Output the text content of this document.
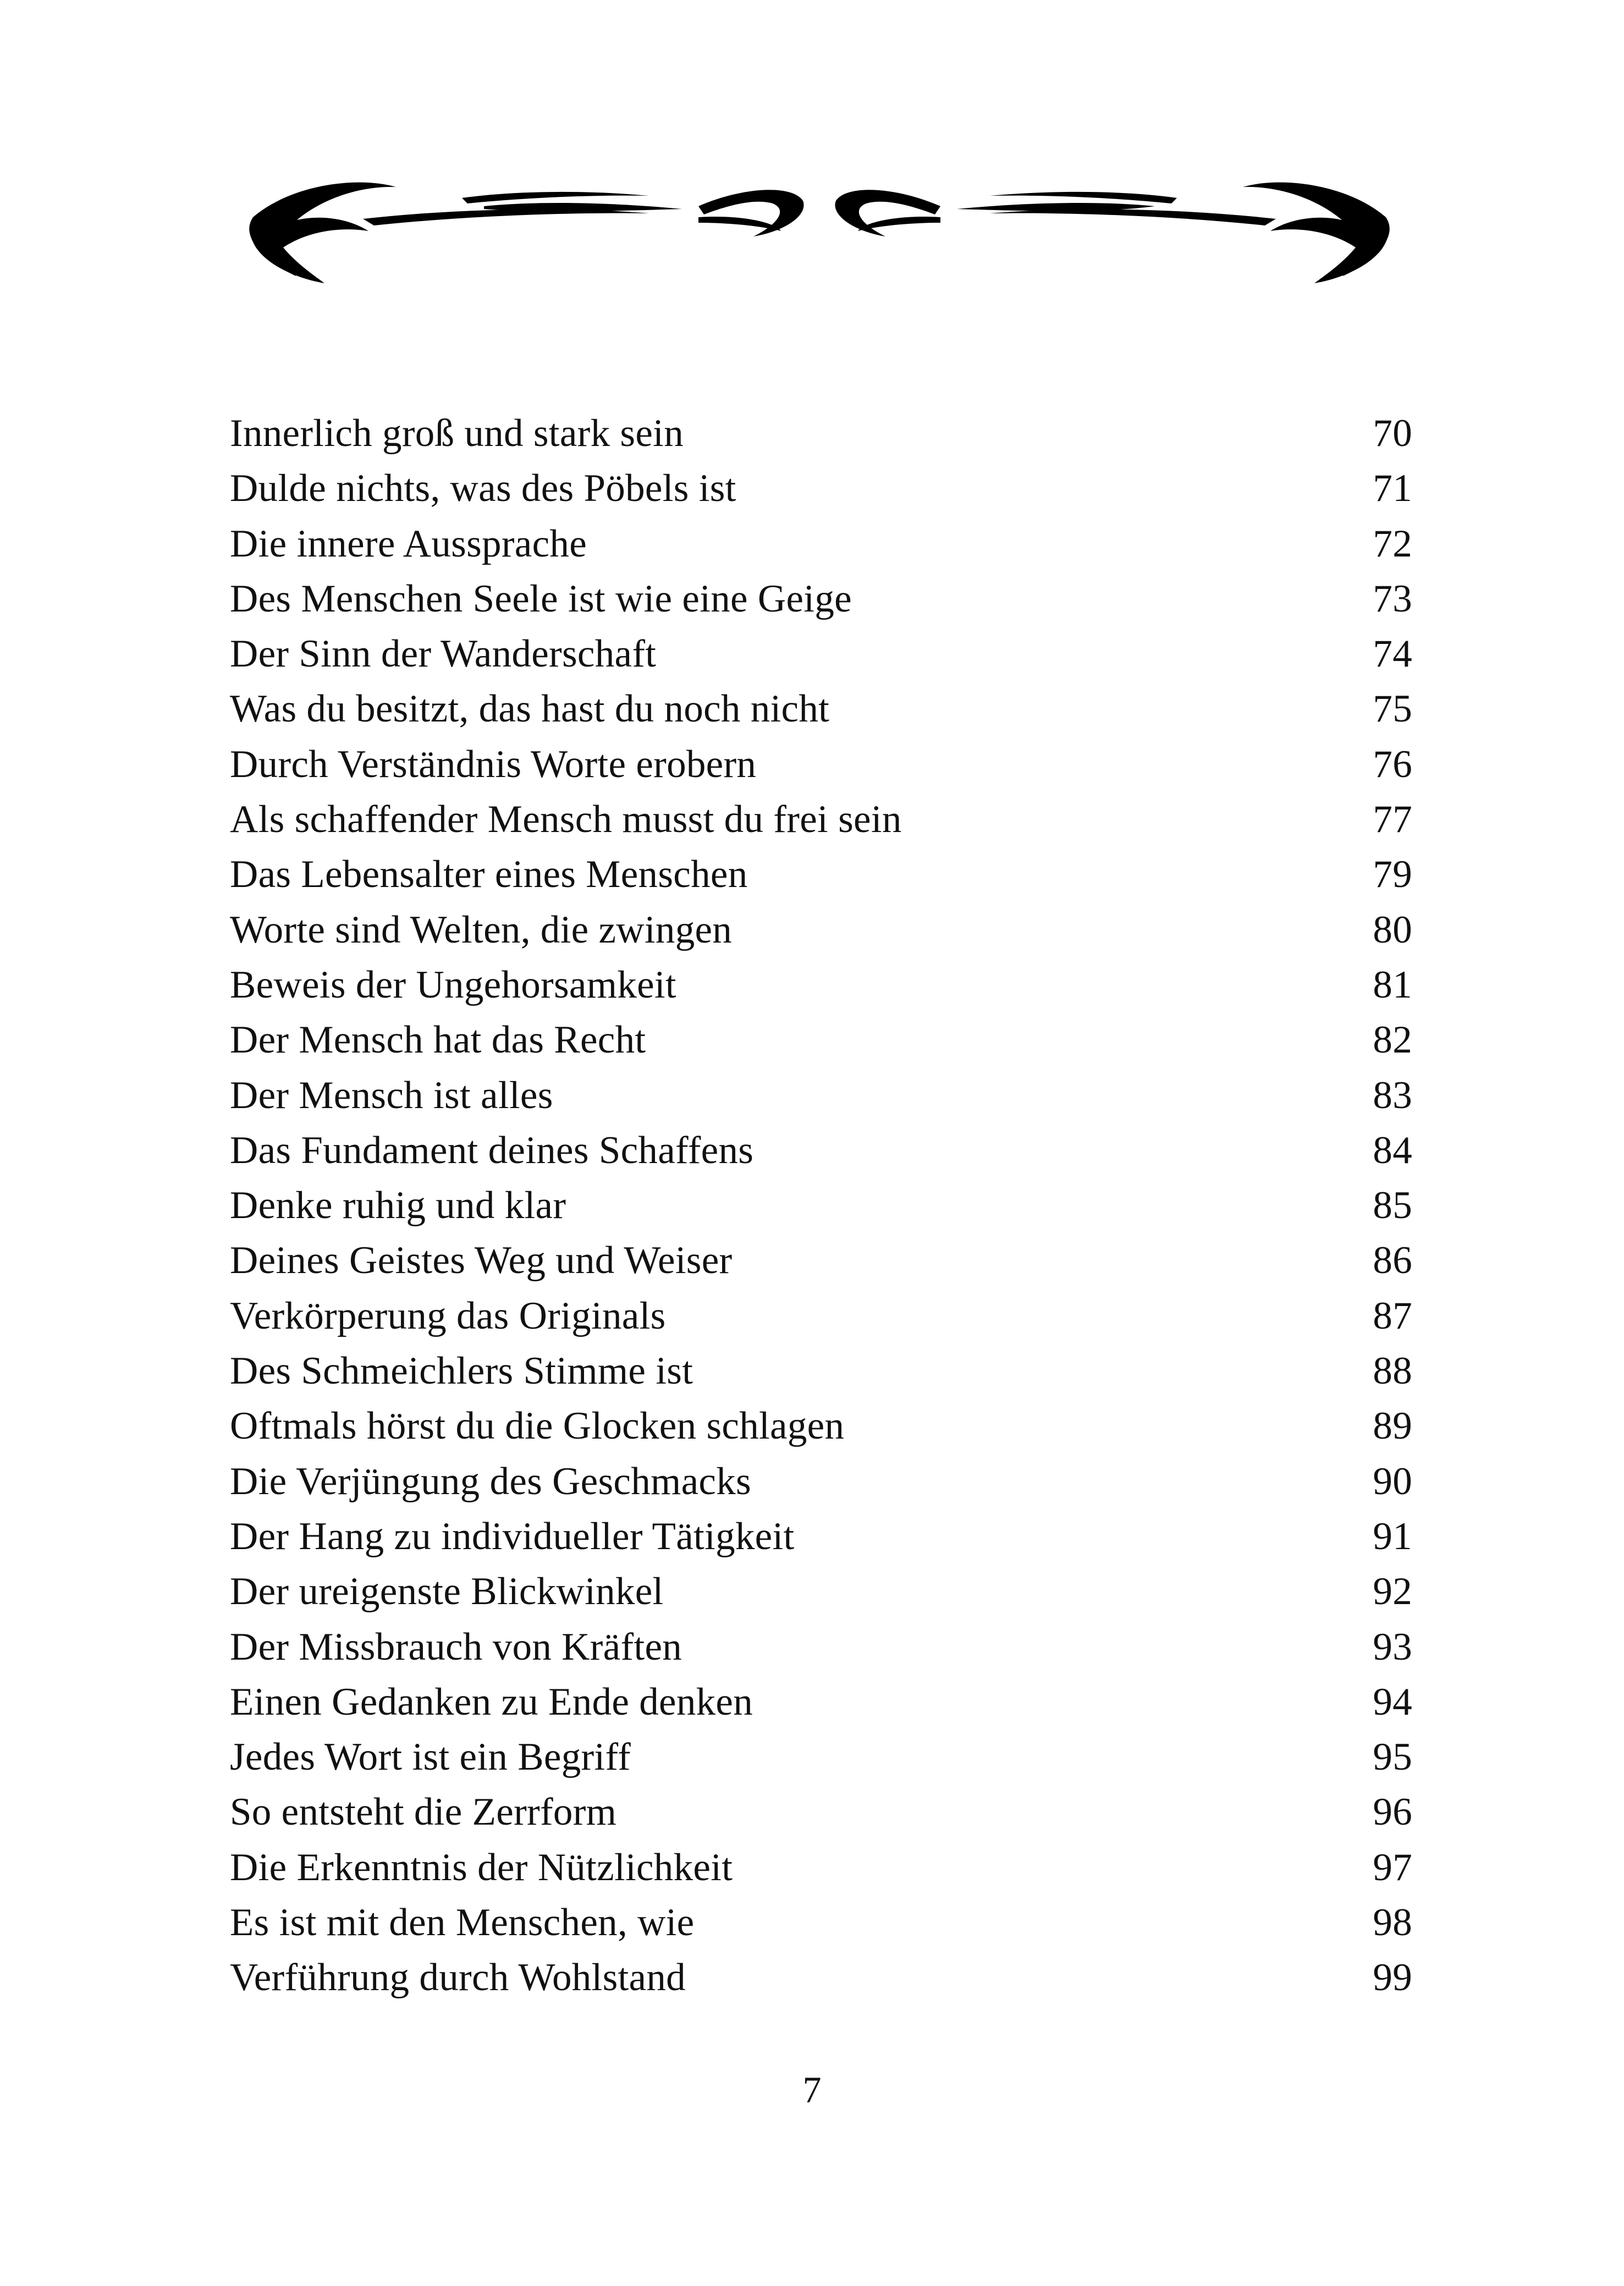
Innerlich groß und stark sein	70
Dulde nichts, was des Pöbels ist	71
Die innere Aussprache	72
Des Menschen Seele ist wie eine Geige	73
Der Sinn der Wanderschaft	74
Was du besitzt, das hast du noch nicht	75
Durch Verständnis Worte erobern	76
Als schaffender Mensch musst du frei sein	77
Das Lebensalter eines Menschen	79
Worte sind Welten, die zwingen	80
Beweis der Ungehorsamkeit	81
Der Mensch hat das Recht	82
Der Mensch ist alles	83
Das Fundament deines Schaffens	84
Denke ruhig und klar	85
Deines Geistes Weg und Weiser	86
Verkörperung das Originals	87
Des Schmeichlers Stimme ist	88
Oftmals hörst du die Glocken schlagen	89
Die Verjüngung des Geschmacks	90
Der Hang zu individueller Tätigkeit	91
Der ureigenste Blickwinkel	92
Der Missbrauch von Kräften	93
Einen Gedanken zu Ende denken	94
Jedes Wort ist ein Begriff	95
So entsteht die Zerrform	96
Die Erkenntnis der Nützlichkeit	97
Es ist mit den Menschen, wie	98
Verführung durch Wohlstand	99
7
